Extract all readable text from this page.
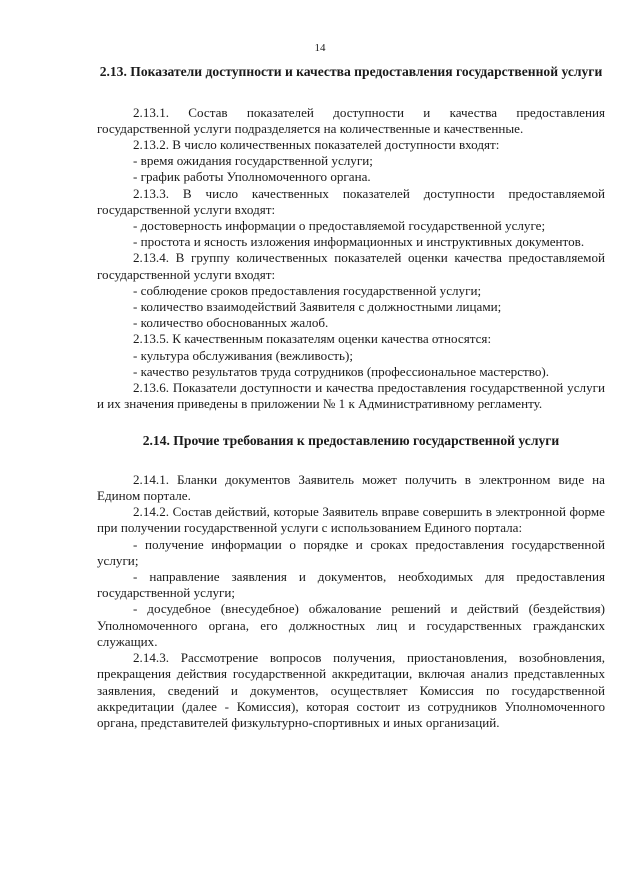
14
2.13. Показатели доступности и качества предоставления государственной услуги

2.13.1. Состав показателей доступности и качества предоставления государственной услуги подразделяется на количественные и качественные.

2.13.2. В число количественных показателей доступности входят:

- время ожидания государственной услуги;

- график работы Уполномоченного органа.

2.13.3. В число качественных показателей доступности предоставляемой государственной услуги входят:

- достоверность информации о предоставляемой государственной услуге;

- простота и ясность изложения информационных и инструктивных документов.

2.13.4. В группу количественных показателей оценки качества предоставляемой государственной услуги входят:

- соблюдение сроков предоставления государственной услуги;

- количество взаимодействий Заявителя с должностными лицами;

- количество обоснованных жалоб.

2.13.5. К качественным показателям оценки качества относятся:

- культура обслуживания (вежливость);

- качество результатов труда сотрудников (профессиональное мастерство).

2.13.6. Показатели доступности и качества предоставления государственной услуги и их значения приведены в приложении № 1 к Административному регламенту.

2.14. Прочие требования к предоставлению государственной услуги

2.14.1. Бланки документов Заявитель может получить в электронном виде на Едином портале.

2.14.2. Состав действий, которые Заявитель вправе совершить в электронной форме при получении государственной услуги с использованием Единого портала:

- получение информации о порядке и сроках предоставления государственной услуги;

- направление заявления и документов, необходимых для предоставления государственной услуги;

- досудебное (внесудебное) обжалование решений и действий (бездействия) Уполномоченного органа, его должностных лиц и государственных гражданских служащих.

2.14.3. Рассмотрение вопросов получения, приостановления, возобновления, прекращения действия государственной аккредитации, включая анализ представленных заявления, сведений и документов, осуществляет Комиссия по государственной аккредитации (далее - Комиссия), которая состоит из сотрудников Уполномоченного органа, представителей физкультурно-спортивных и иных организаций.
